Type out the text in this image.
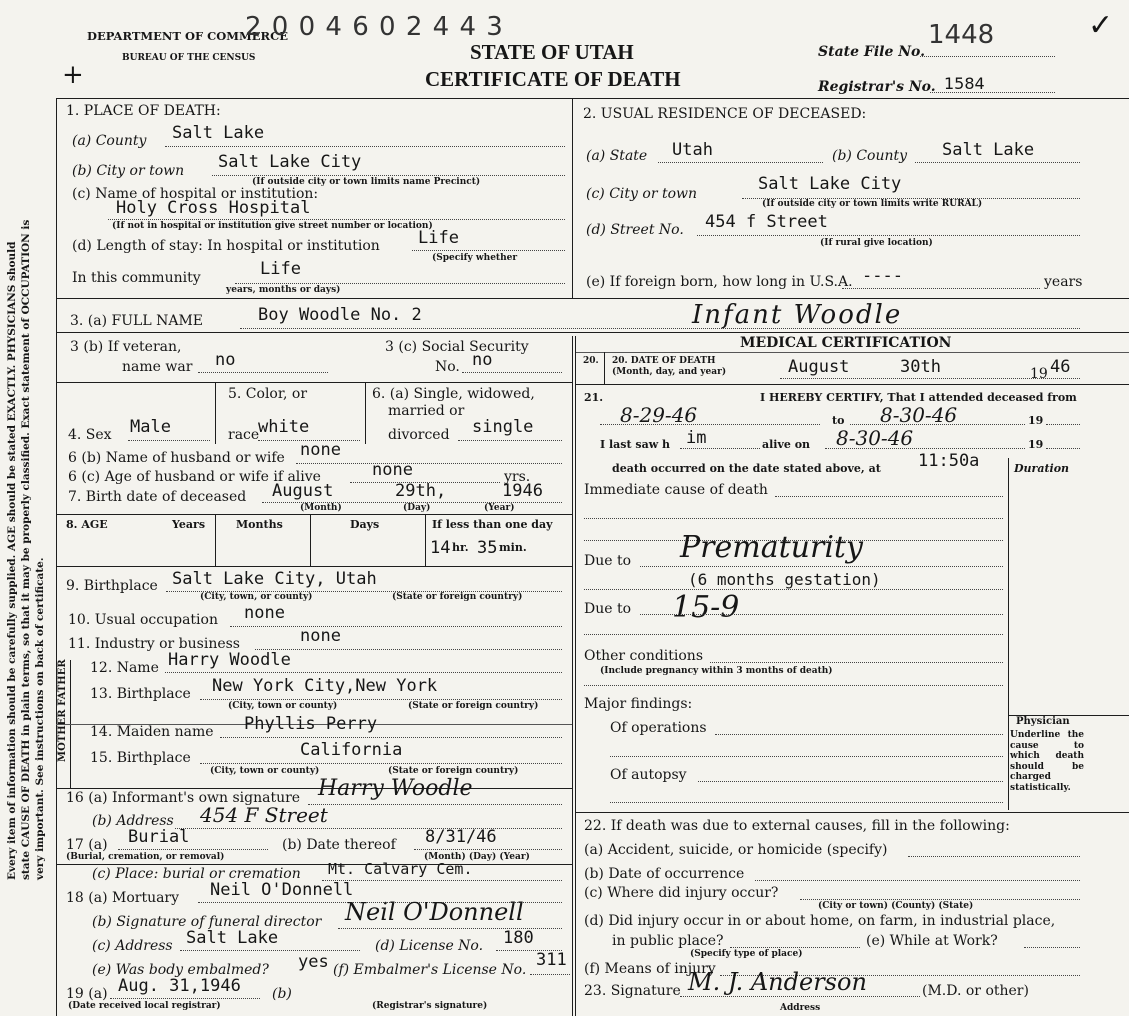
Every item of information should be carefully supplied. AGE should be stated EXACTLY. PHYSICIANS should state CAUSE OF DEATH in plain terms, so that it may be properly classified. Exact statement of OCCUPATION is very important. See instructions on back of certificate. MOTHER FATHER
DEPARTMENT OF COMMERCE
BUREAU OF THE CENSUS
2 0 0 4 6 0 2 4 4 3
STATE OF UTAH
CERTIFICATE OF DEATH
State File No.
1448
Registrar's No. 1584
✓
+
1. PLACE OF DEATH:
(a) County Salt Lake
(b) City or town Salt Lake City
(If outside city or town limits name Precinct)
(c) Name of hospital or institution:
Holy Cross Hospital
(If not in hospital or institution give street number or location)
(d) Length of stay: In hospital or institution Life
(Specify whether
In this community	Life
years, months or days)
2. USUAL RESIDENCE OF DECEASED:
(a) State Utah	(b) County Salt Lake
(c) City or town	Salt Lake City
(If outside city or town limits write RURAL)
(d) Street No. 454 f Street
(If rural give location)
(e) If foreign born, how long in U.S.A. ----	years
3. (a) FULL NAME	Boy Woodle No. 2	Infant Woodle
3 (b) If veteran,
name war no
3 (c) Social Security
No. no
5. Color, or	6. (a) Single, widowed,
married or
4. Sex Male	race
white	divorced single
6 (b) Name of husband or wife none
6 (c) Age of husband or wife if alive	none	yrs.
7. Birth date of deceased August	29th,	1946
(Month)	(Day)	(Year)
8. AGE	Years	Months	Days	If less than one day
14 hr. 35 min.
9. Birthplace Salt Lake City, Utah
(City, town, or county)	(State or foreign country)
10. Usual occupation none
11. Industry or business	none
12. Name Harry Woodle
13. Birthplace New York City,New York
(City, town or county)	(State or foreign country)
14. Maiden name Phyllis Perry
15. Birthplace	California
(City, town or county)	(State or foreign country)
16 (a) Informant's own signature Harry Woodle
(b) Address 454 F Street
17 (a) Burial
(Burial, cremation, or removal)
(b) Date thereof 8/31/46
(Month) (Day) (Year)
(c) Place: burial or cremation Mt. Calvary Cem.
18 (a) Mortuary Neil O'Donnell
(b) Signature of funeral director Neil O'Donnell
(c) Address Salt Lake	(d) License No. 180
(e) Was body embalmed? yes (f) Embalmer's License No. 311
19 (a) Aug. 31,1946
(Date received local registrar)
(b)
(Registrar's signature)
MEDICAL CERTIFICATION
20. 20. DATE OF DEATH
(Month, day, and year)	August	30th	19 46
21.	I HEREBY CERTIFY, That I attended deceased from
8-29-46	to 8-30-46	19
I last saw h im	alive on 8-30-46	19
death occurred on the date stated above, at 11:50a	Duration
Immediate cause of death
Due to Prematurity
(6 months gestation)
Due to 15-9
Other conditions
(Include pregnancy within 3 months of death)
Major findings:
Of operations
Of autopsy
Physician
Underline the cause to which death should be charged statistically.
22. If death was due to external causes, fill in the following:
(a) Accident, suicide, or homicide (specify)
(b) Date of occurrence
(c) Where did injury occur?
(City or town) (County) (State)
(d) Did injury occur in or about home, on farm, in industrial place,
in public place?	(e) While at Work?
(Specify type of place)
(f) Means of injury
23. Signature M. J. Anderson	(M.D. or other)
Address
